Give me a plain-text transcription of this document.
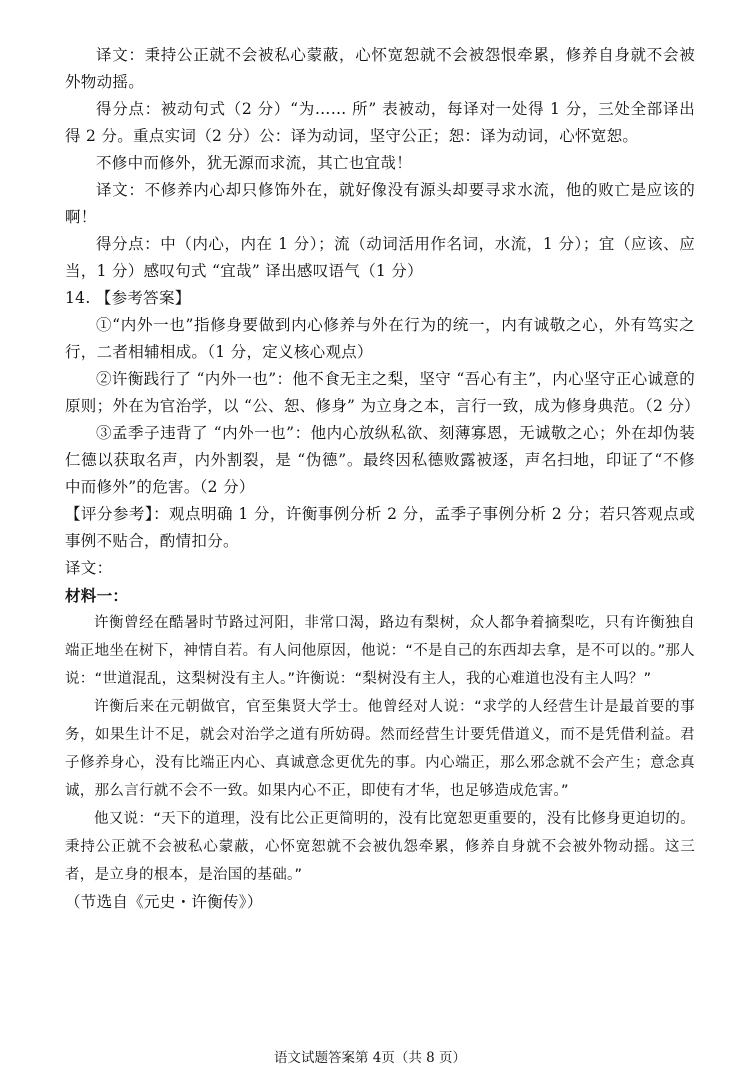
译文：秉持公正就不会被私心蒙蔽，心怀宽恕就不会被怨恨牵累，修养自身就不会被外物动摇。

得分点：被动句式（2 分）“为…… 所” 表被动，每译对一处得 1 分，三处全部译出得 2 分。重点实词（2 分）公：译为动词，坚守公正；恕：译为动词，心怀宽恕。

不修中而修外，犹无源而求流，其亡也宜哉！

译文：不修养内心却只修饰外在，就好像没有源头却要寻求水流，他的败亡是应该的啊！

得分点：中（内心，内在 1 分）；流（动词活用作名词，水流，1 分）；宜（应该、应当，1 分）感叹句式 “宜哉” 译出感叹语气（1 分）

14. 【参考答案】

①“内外一也”指修身要做到内心修养与外在行为的统一，内有诚敬之心，外有笃实之行，二者相辅相成。（1 分，定义核心观点）

②许衡践行了 “内外一也”：他不食无主之梨，坚守 “吾心有主”，内心坚守正心诚意的原则；外在为官治学，以 “公、恕、修身” 为立身之本，言行一致，成为修身典范。（2 分）

③孟季子违背了 “内外一也”：他内心放纵私欲、刻薄寡恩，无诚敬之心；外在却伪装仁德以获取名声，内外割裂，是 “伪德”。最终因私德败露被逐，声名扫地，印证了“不修中而修外”的危害。（2 分）

【评分参考】：观点明确 1 分，许衡事例分析 2 分，孟季子事例分析 2 分；若只答观点或事例不贴合，酌情扣分。

译文：

材料一：

许衡曾经在酷暑时节路过河阳，非常口渴，路边有梨树，众人都争着摘梨吃，只有许衡独自端正地坐在树下，神情自若。有人问他原因，他说：“不是自己的东西却去拿，是不可以的。”那人说：“世道混乱，这梨树没有主人。”许衡说：“梨树没有主人，我的心难道也没有主人吗？”

许衡后来在元朝做官，官至集贤大学士。他曾经对人说：“求学的人经营生计是最首要的事务，如果生计不足，就会对治学之道有所妨碍。然而经营生计要凭借道义，而不是凭借利益。君子修养身心，没有比端正内心、真诚意念更优先的事。内心端正，那么邪念就不会产生；意念真诚，那么言行就不会不一致。如果内心不正，即使有才华，也足够造成危害。”

他又说：“天下的道理，没有比公正更简明的，没有比宽恕更重要的，没有比修身更迫切的。秉持公正就不会被私心蒙蔽，心怀宽恕就不会被仇怨牵累，修养自身就不会被外物动摇。这三者，是立身的根本，是治国的基础。”

（节选自《元史・许衡传》）

语文试题答案第 4页（共 8 页）
